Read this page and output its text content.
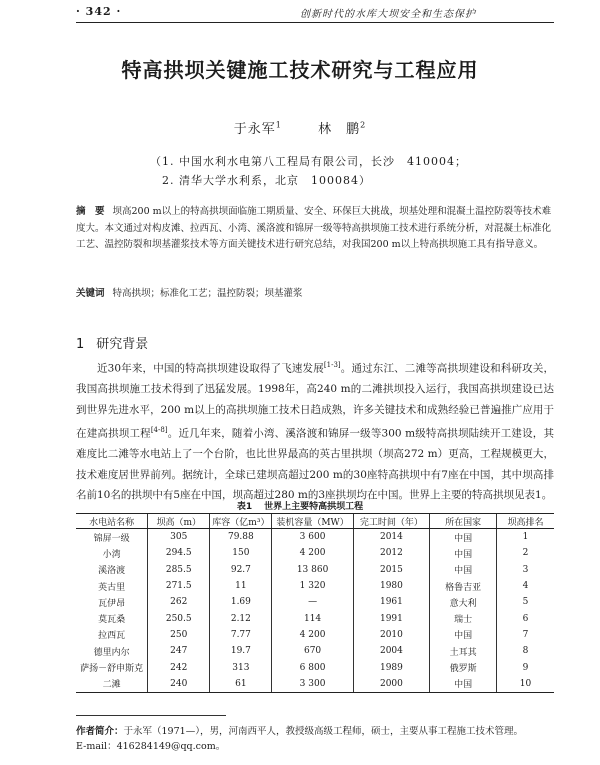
· 342 ·	创新时代的水库大坝安全和生态保护
特高拱坝关键施工技术研究与工程应用
于永军$^1$	林　鹏$^2$
（1. 中国水利水电第八工程局有限公司，长沙　410004；
2. 清华大学水利系，北京　100084）
摘　要 坝高200 m以上的特高拱坝面临施工期质量、安全、环保巨大挑战，坝基处理和混凝土温控防裂等技术难度大。本文通过对构皮滩、拉西瓦、小湾、溪洛渡和锦屏一级等特高拱坝施工技术进行系统分析，对混凝土标准化工艺、温控防裂和坝基灌浆技术等方面关键技术进行研究总结，对我国200 m以上特高拱坝施工具有指导意义。
关键词 特高拱坝；标准化工艺；温控防裂；坝基灌浆
1 研究背景
近30年来，中国的特高拱坝建设取得了飞速发展[1-3]。通过东江、二滩等高拱坝建设和科研攻关，我国高拱坝施工技术得到了迅猛发展。1998年，高240 m的二滩拱坝投入运行，我国高拱坝建设已达到世界先进水平，200 m以上的高拱坝施工技术日趋成熟，许多关键技术和成熟经验已普遍推广应用于在建高拱坝工程[4-8]。近几年来，随着小湾、溪洛渡和锦屏一级等300 m级特高拱坝陆续开工建设，其难度比二滩等水电站上了一个台阶，也比世界最高的英古里拱坝（坝高272 m）更高，工程规模更大，技术难度居世界前列。据统计，全球已建坝高超过200 m的30座特高拱坝中有7座在中国，其中坝高排名前10名的拱坝中有5座在中国，坝高超过280 m的3座拱坝均在中国。世界上主要的特高拱坝见表1。
表1 世界上主要特高拱坝工程
水电站名称	坝高（m）	库容（亿m³）	装机容量（MW）	完工时间（年）	所在国家	坝高排名
锦屏一级	305	79.88	3 600	2014	中国	1
小湾	294.5	150	4 200	2012	中国	2
溪洛渡	285.5	92.7	13 860	2015	中国	3
英古里	271.5	11	1 320	1980	格鲁吉亚	4
瓦伊昂	262	1.69	—	1961	意大利	5
莫瓦桑	250.5	2.12	114	1991	瑞士	6
拉西瓦	250	7.77	4 200	2010	中国	7
德里内尔	247	19.7	670	2004	土耳其	8
萨扬－舒申斯克	242	313	6 800	1989	俄罗斯	9
二滩	240	61	3 300	2000	中国	10
作者简介：于永军（1971—），男，河南西平人，教授级高级工程师，硕士，主要从事工程施工技术管理。
E-mail：416284149@qq.com。
